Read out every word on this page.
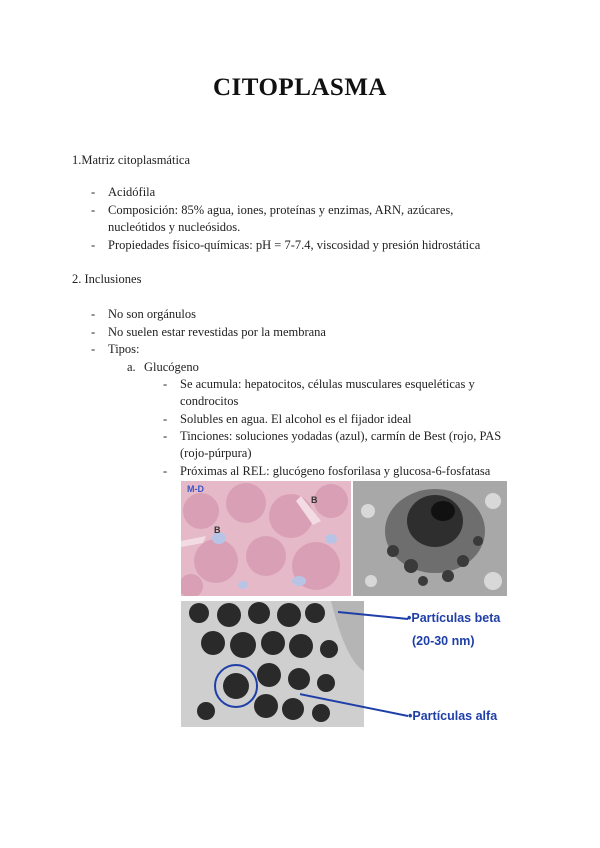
CITOPLASMA
1.Matriz citoplasmática
- Acidófila
- Composición: 85% agua, iones, proteínas y enzimas, ARN, azúcares,
nucleótidos y nucleósidos.
- Propiedades físico-químicas: pH = 7-7.4, viscosidad y presión hidrostática
2. Inclusiones
- No son orgánulos
- No suelen estar revestidas por la membrana
- Tipos:
a. Glucógeno
- Se acumula: hepatocitos, células musculares esqueléticas y
condrocitos
- Solubles en agua. El alcohol es el fijador ideal
- Tinciones: soluciones yodadas (azul), carmín de Best (rojo, PAS
(rojo-púrpura)
- Próximas al REL: glucógeno fosforilasa y glucosa-6-fosfatasa
M-D
B
B
•Partículas beta
(20-30 nm)
•Partículas alfa
